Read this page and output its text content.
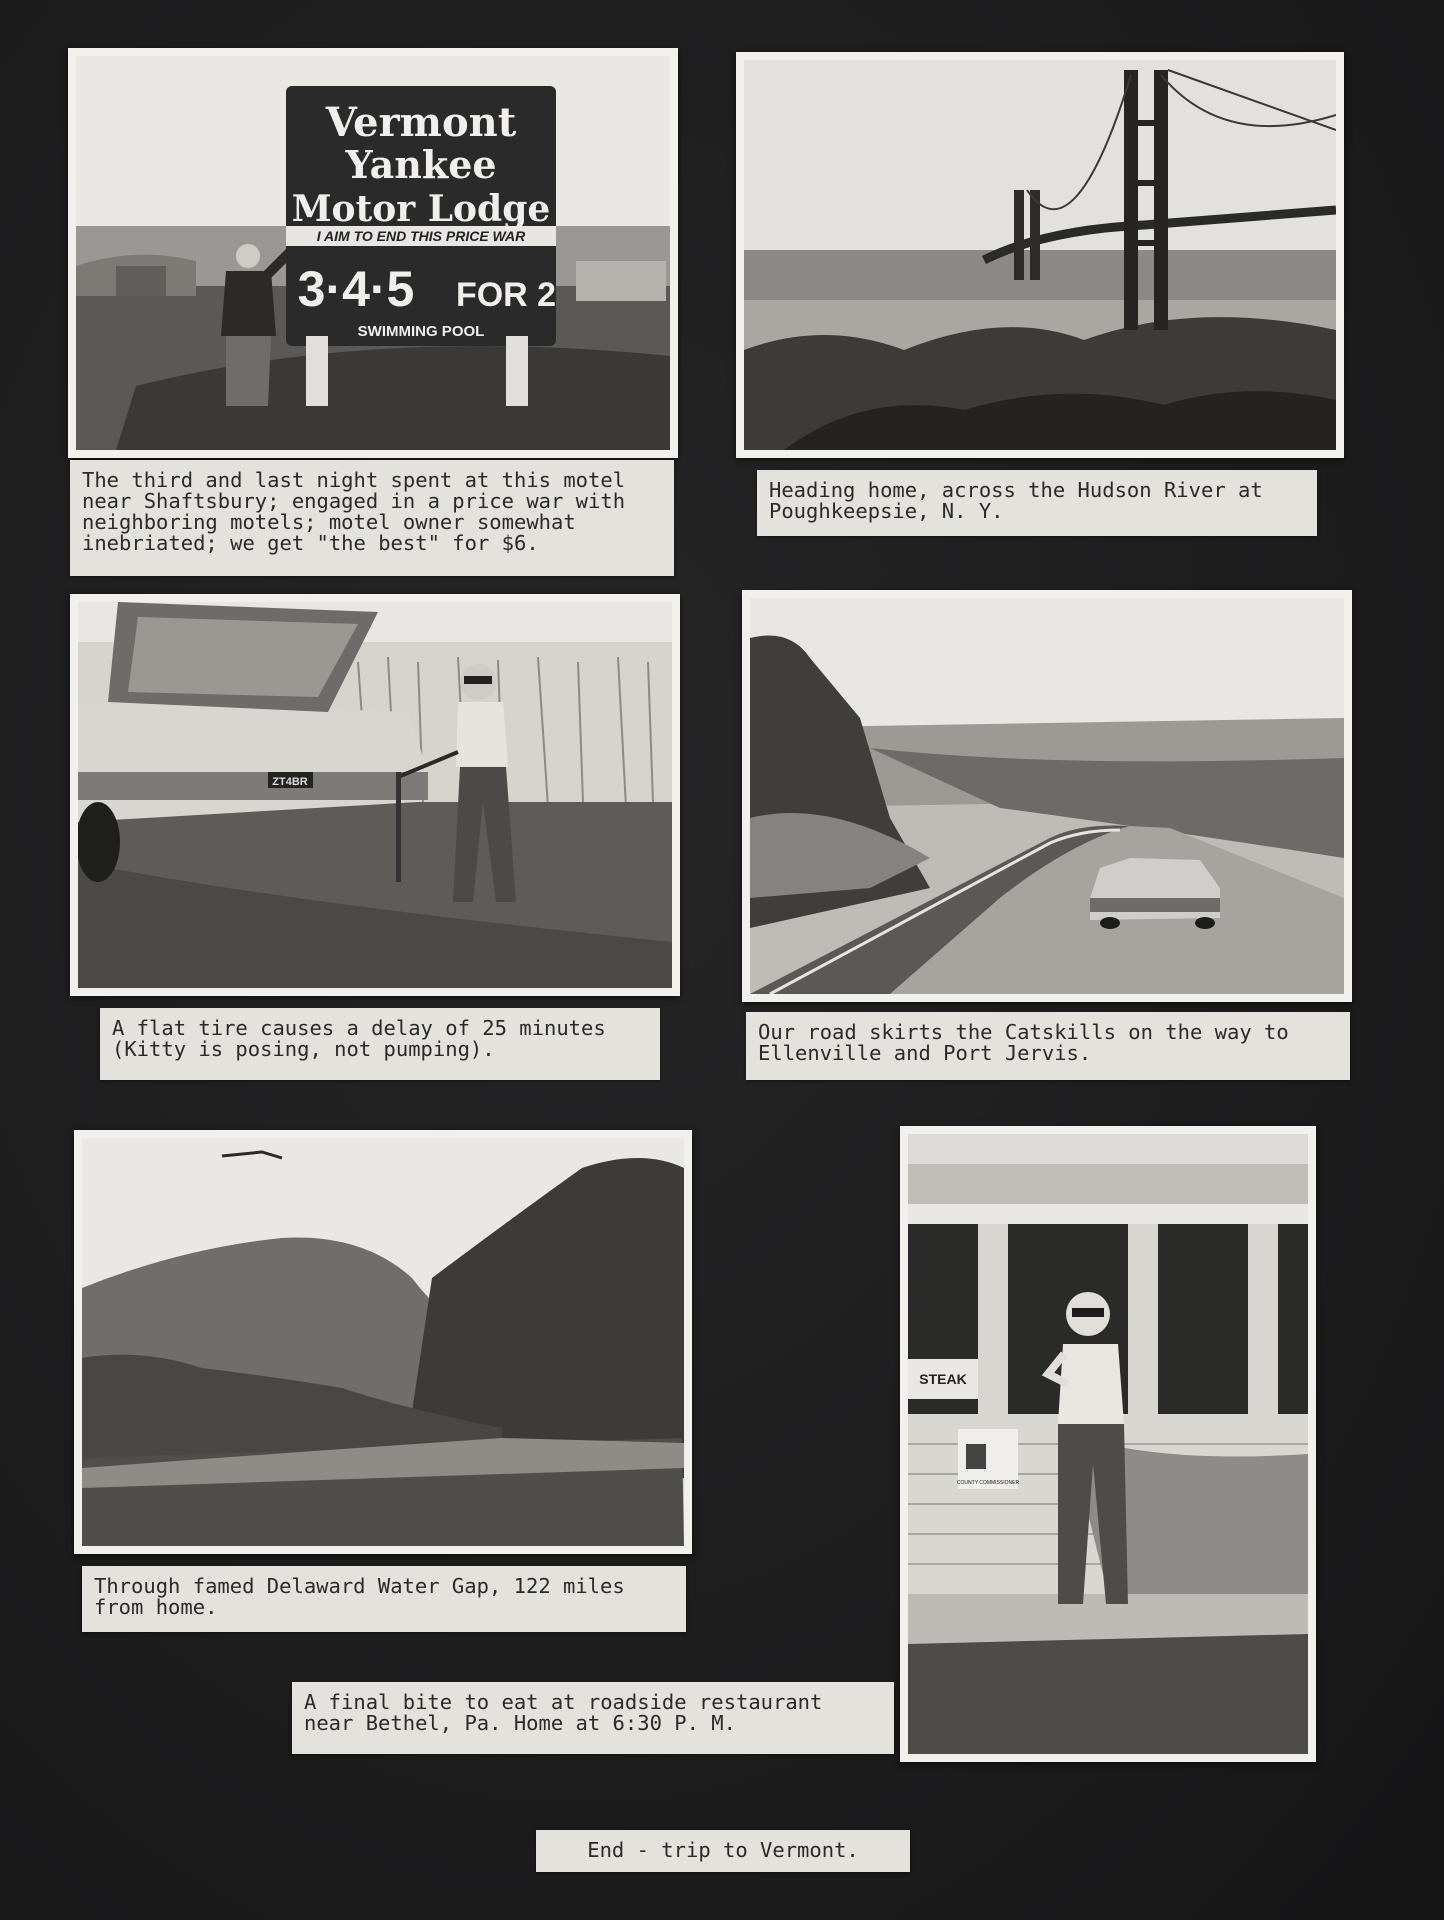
Vermont
Yankee
Motor Lodge
I AIM TO END THIS PRICE WAR
3·4·5 FOR 2
SWIMMING POOL
The third and last night spent at this motel
near Shaftsbury; engaged in a price war with
neighboring motels; motel owner somewhat
inebriated; we get "the best" for $6.
Heading home, across the Hudson River at
Poughkeepsie, N. Y.
ZT4BR
A flat tire causes a delay of 25 minutes
(Kitty is posing, not pumping).
Our road skirts the Catskills on the way to
Ellenville and Port Jervis.
Through famed Delaward Water Gap, 122 miles
from home.
STEAK
COUNTY COMMISSIONER
A final bite to eat at roadside restaurant
near Bethel, Pa. Home at 6:30 P. M.
End - trip to Vermont.
